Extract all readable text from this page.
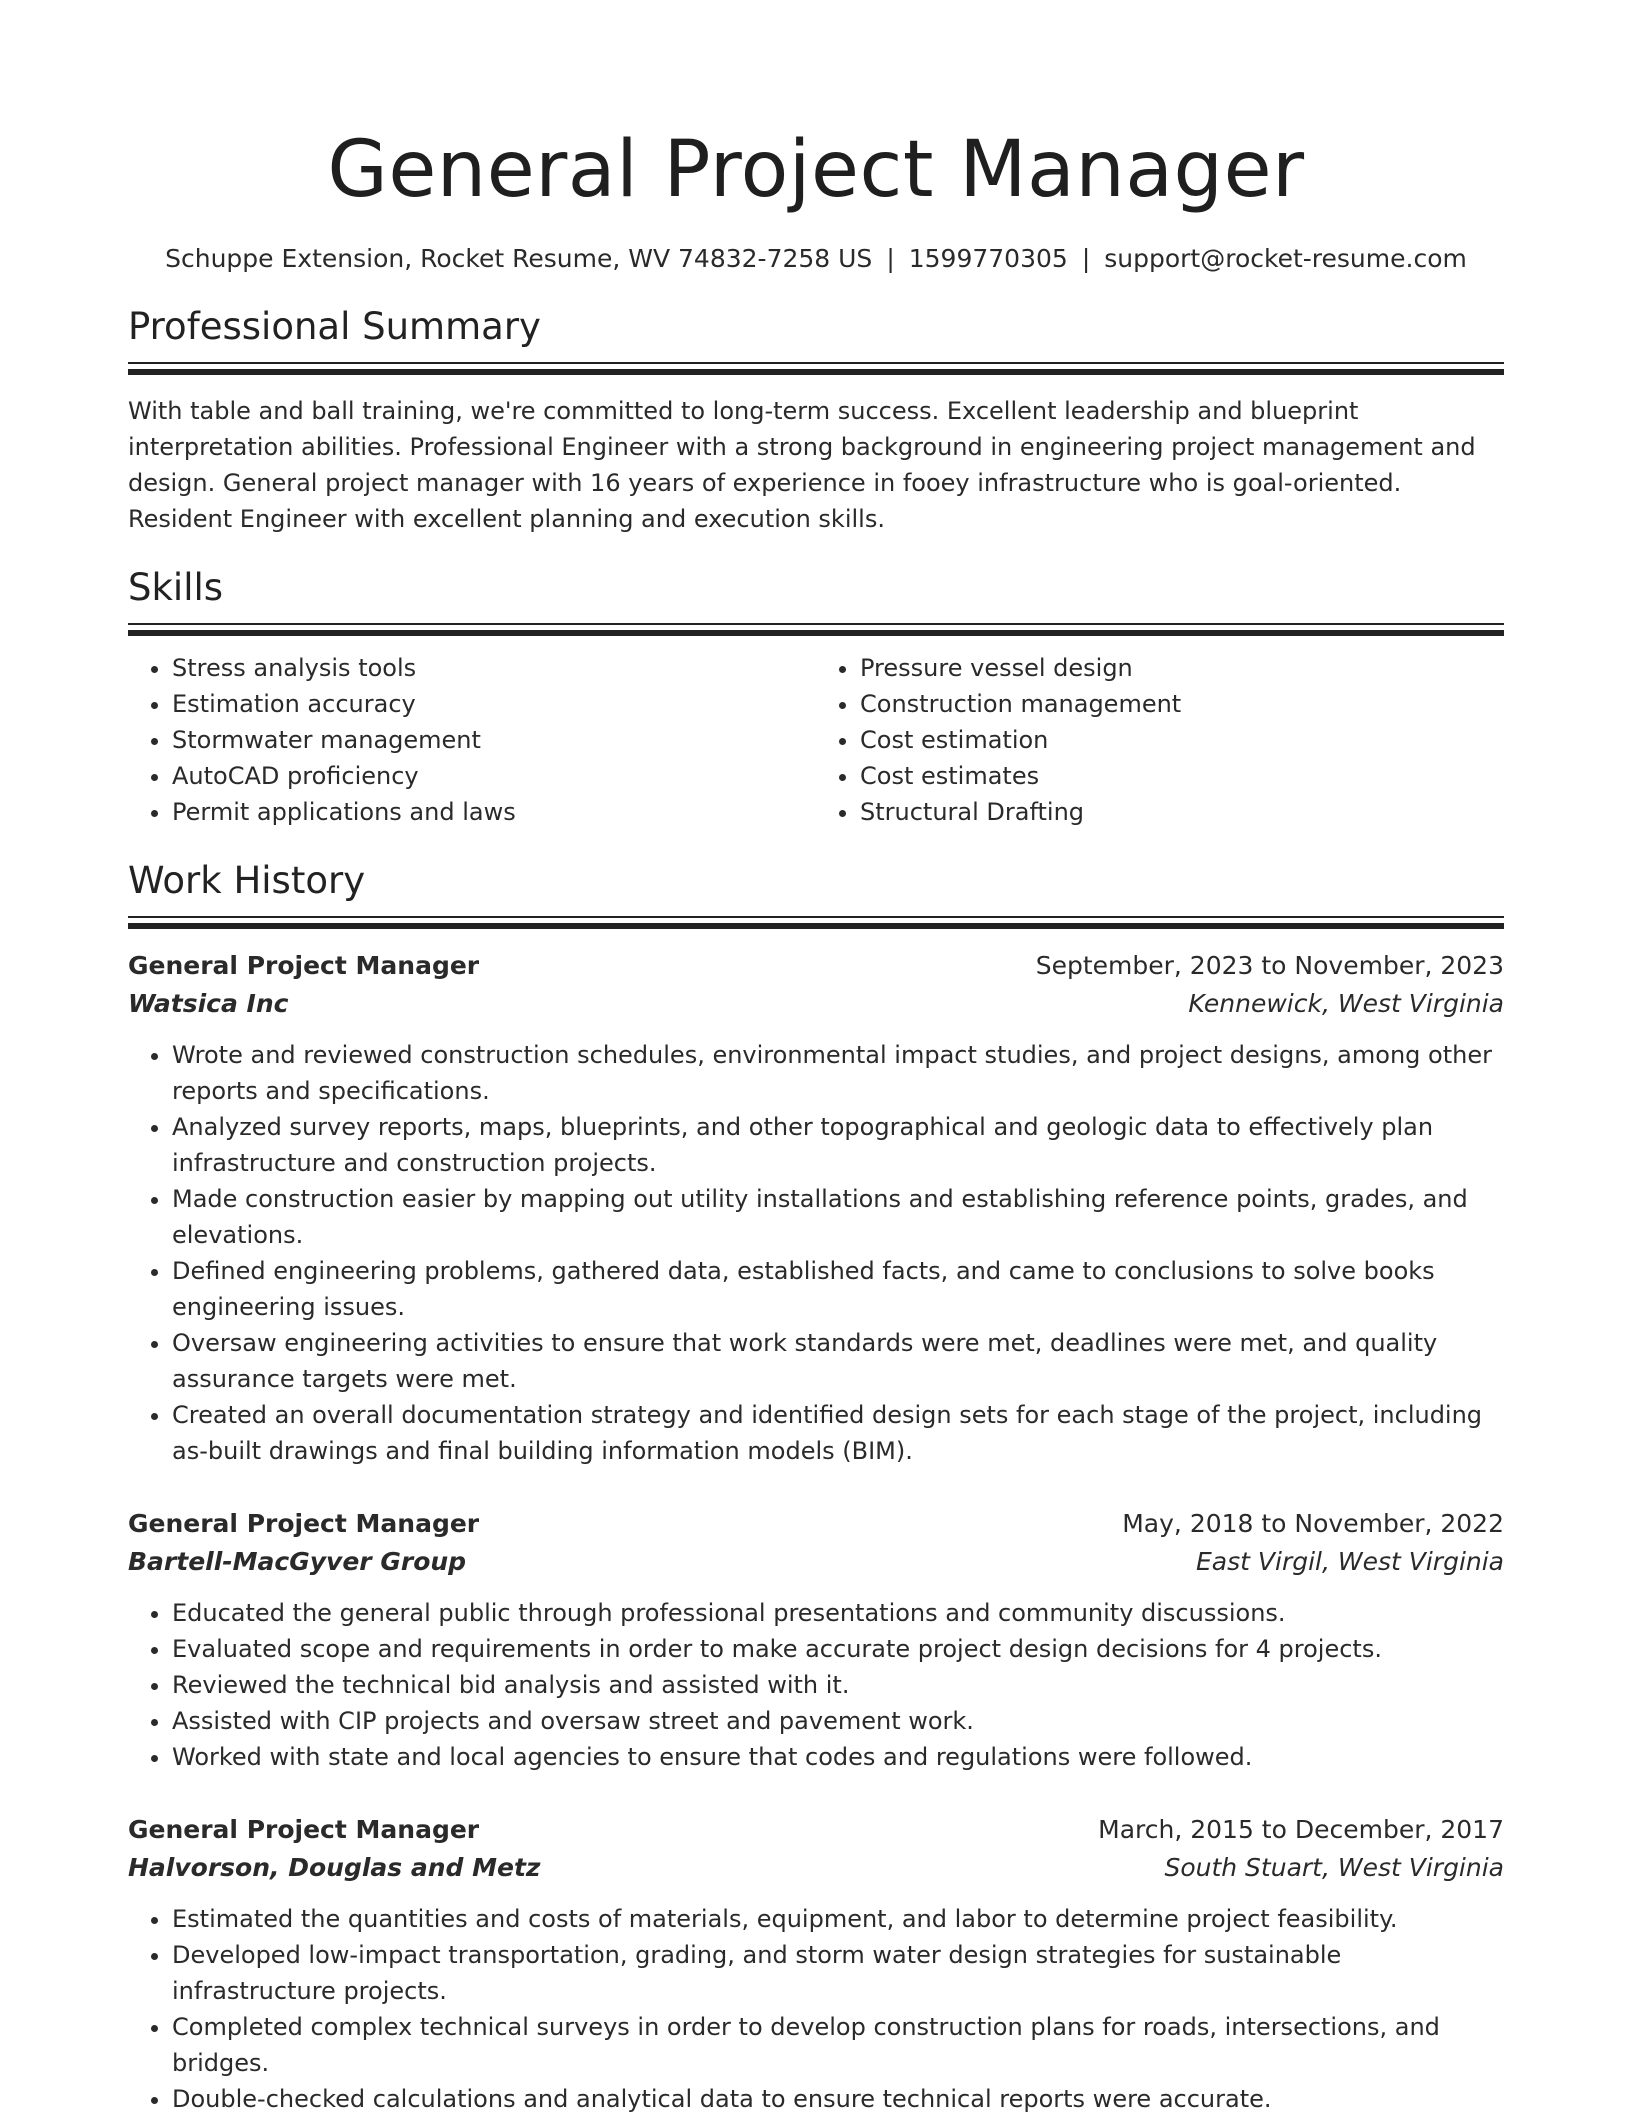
General Project Manager
Schuppe Extension, Rocket Resume, WV 74832-7258 US | 1599770305 | support@rocket-resume.com
Professional Summary

With table and ball training, we're committed to long-term success. Excellent leadership and blueprint interpretation abilities. Professional Engineer with a strong background in engineering project management and design. General project manager with 16 years of experience in fooey infrastructure who is goal-oriented. Resident Engineer with excellent planning and execution skills.

Skills
• Stress analysis tools
• Estimation accuracy
• Stormwater management
• AutoCAD proficiency
• Permit applications and laws
• Pressure vessel design
• Construction management
• Cost estimation
• Cost estimates
• Structural Drafting
Work History
General Project Manager	September, 2023 to November, 2023
Watsica Inc	Kennewick, West Virginia
• Wrote and reviewed construction schedules, environmental impact studies, and project designs, among other reports and specifications.
• Analyzed survey reports, maps, blueprints, and other topographical and geologic data to effectively plan infrastructure and construction projects.
• Made construction easier by mapping out utility installations and establishing reference points, grades, and elevations.
• Defined engineering problems, gathered data, established facts, and came to conclusions to solve books engineering issues.
• Oversaw engineering activities to ensure that work standards were met, deadlines were met, and quality assurance targets were met.
• Created an overall documentation strategy and identified design sets for each stage of the project, including as-built drawings and final building information models (BIM).
General Project Manager	May, 2018 to November, 2022
Bartell-MacGyver Group	East Virgil, West Virginia
• Educated the general public through professional presentations and community discussions.
• Evaluated scope and requirements in order to make accurate project design decisions for 4 projects.
• Reviewed the technical bid analysis and assisted with it.
• Assisted with CIP projects and oversaw street and pavement work.
• Worked with state and local agencies to ensure that codes and regulations were followed.
General Project Manager	March, 2015 to December, 2017
Halvorson, Douglas and Metz	South Stuart, West Virginia
• Estimated the quantities and costs of materials, equipment, and labor to determine project feasibility.
• Developed low-impact transportation, grading, and storm water design strategies for sustainable infrastructure projects.
• Completed complex technical surveys in order to develop construction plans for roads, intersections, and bridges.
• Double-checked calculations and analytical data to ensure technical reports were accurate.
